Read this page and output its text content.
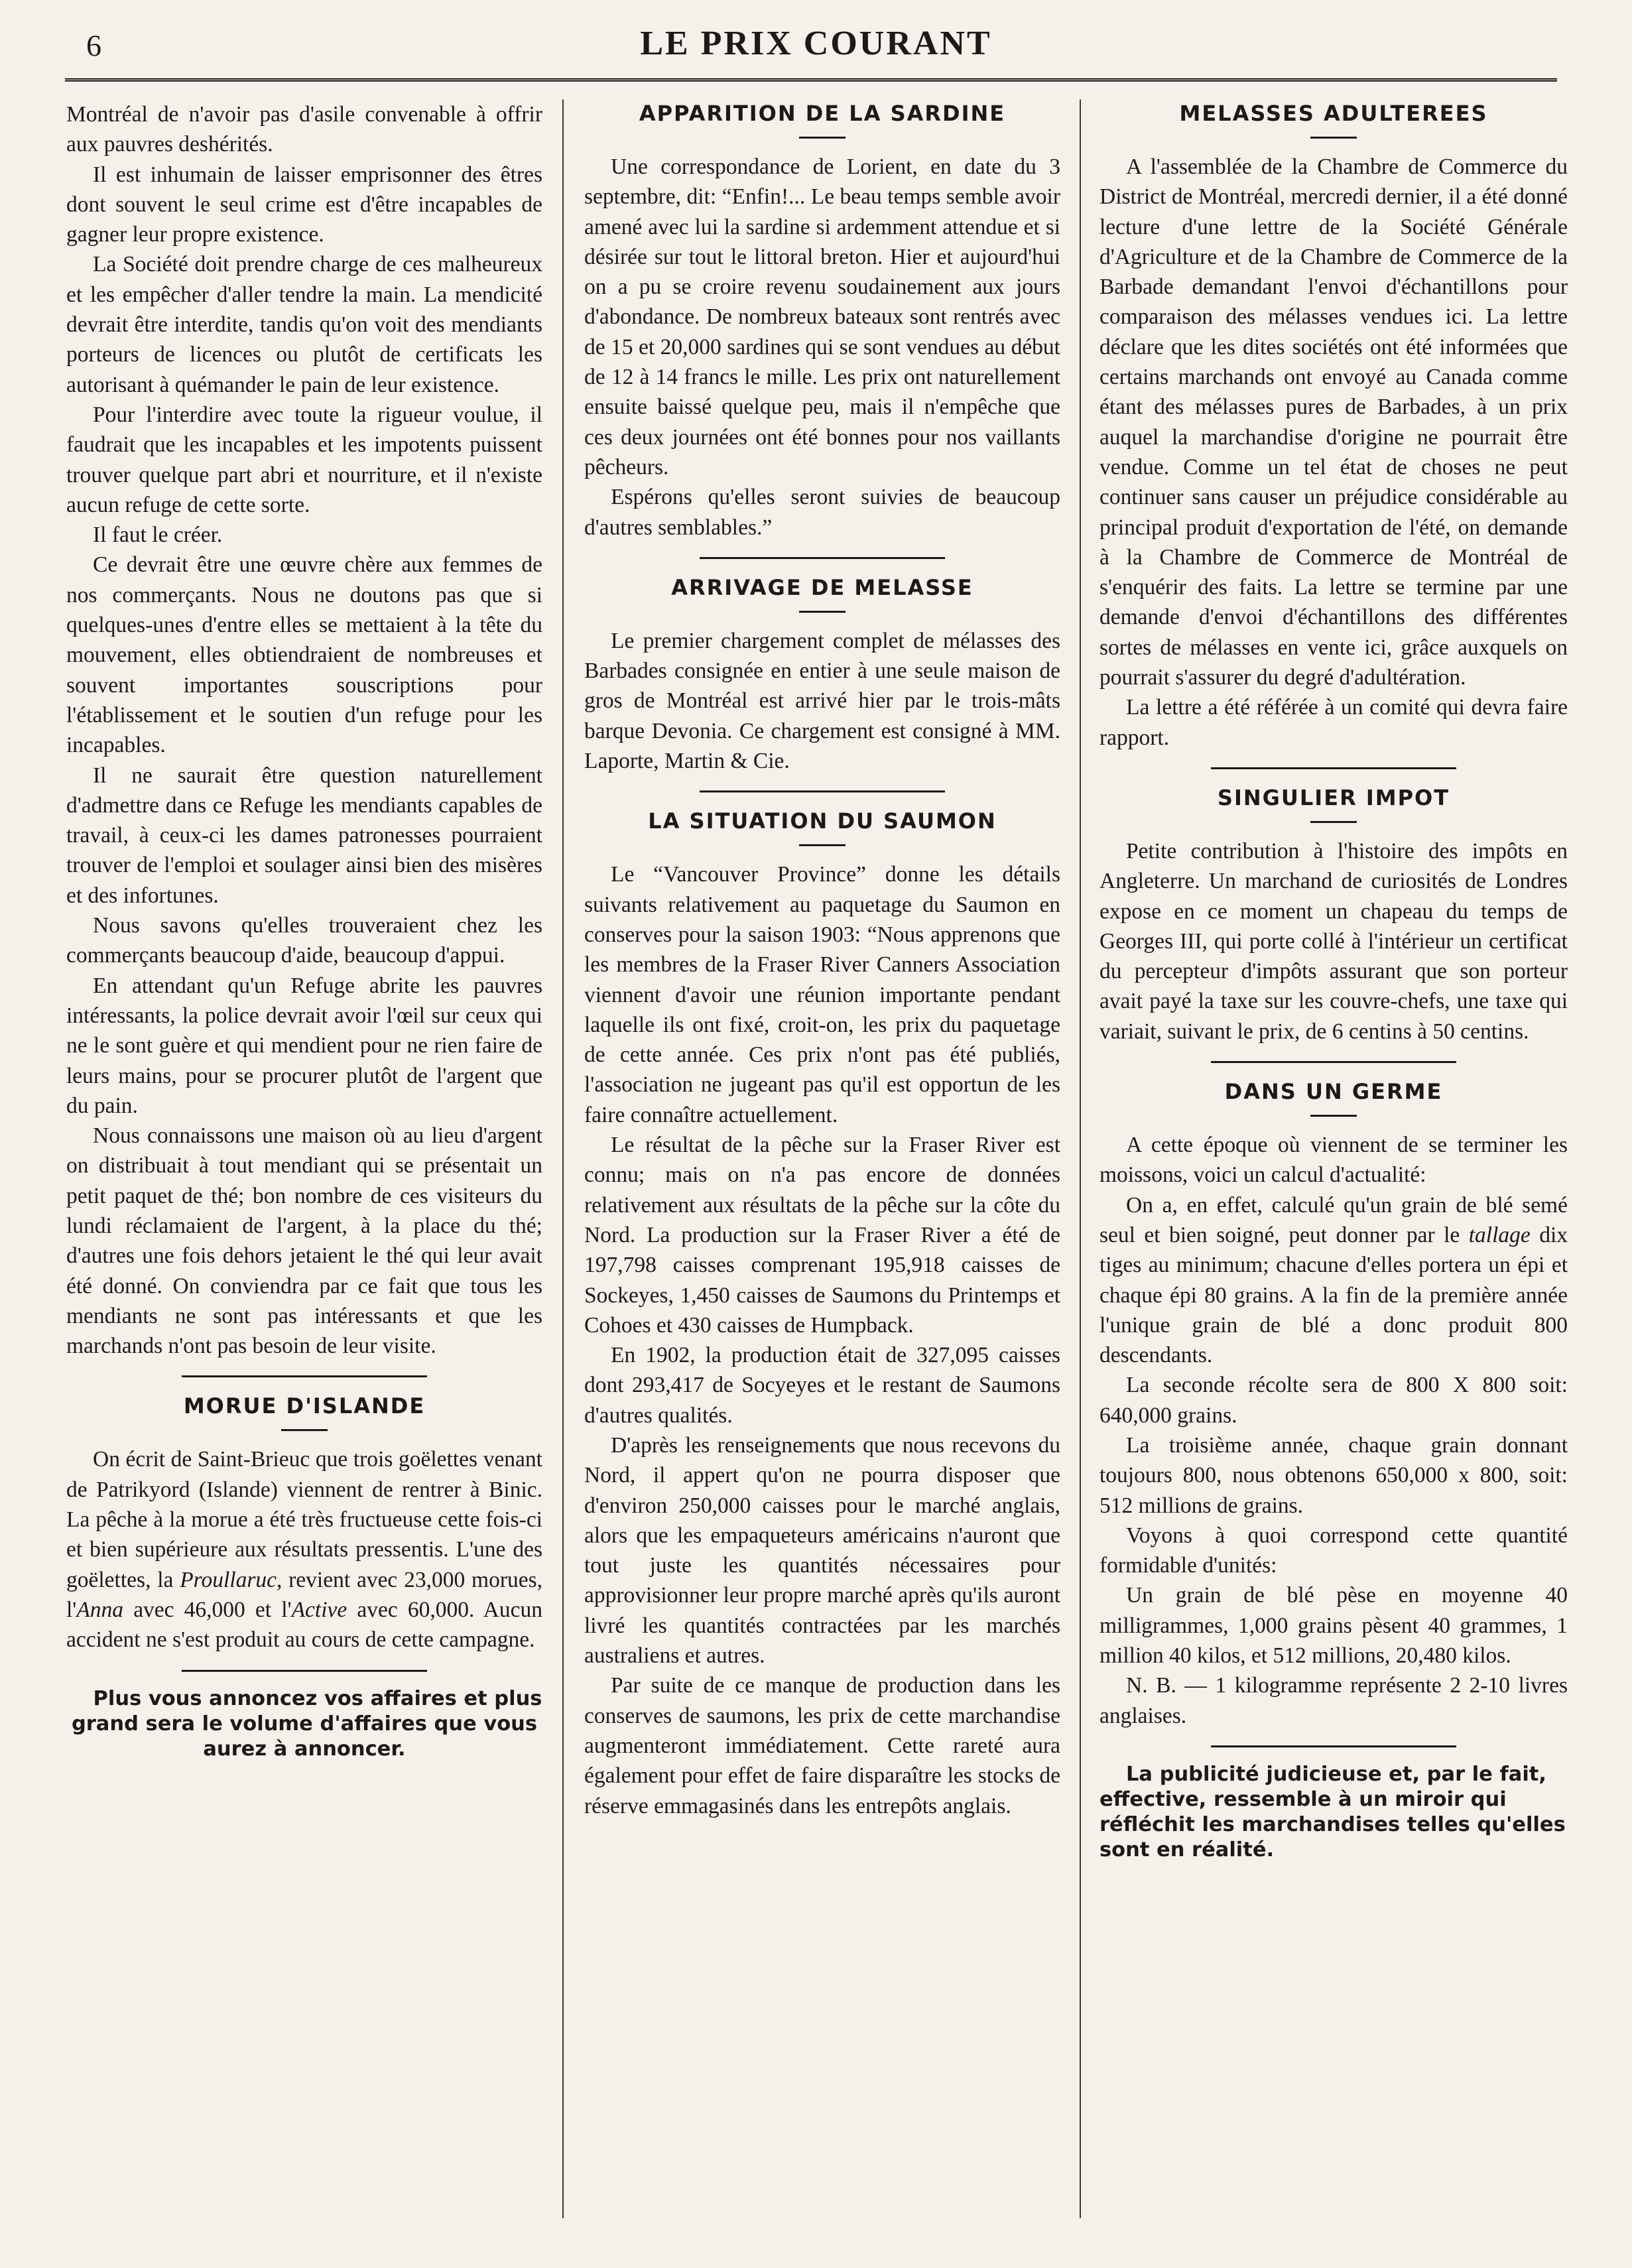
6	LE PRIX COURANT

Montréal de n'avoir pas d'asile convenable à offrir aux pauvres deshérités.

Il est inhumain de laisser emprisonner des êtres dont souvent le seul crime est d'être incapables de gagner leur propre existence.

La Société doit prendre charge de ces malheureux et les empêcher d'aller tendre la main. La mendicité devrait être interdite, tandis qu'on voit des mendiants porteurs de licences ou plutôt de certificats les autorisant à quémander le pain de leur existence.

Pour l'interdire avec toute la rigueur voulue, il faudrait que les incapables et les impotents puissent trouver quelque part abri et nourriture, et il n'existe aucun refuge de cette sorte.

Il faut le créer.

Ce devrait être une œuvre chère aux femmes de nos commerçants. Nous ne doutons pas que si quelques-unes d'entre elles se mettaient à la tête du mouvement, elles obtiendraient de nombreuses et souvent importantes souscriptions pour l'établissement et le soutien d'un refuge pour les incapables.

Il ne saurait être question naturellement d'admettre dans ce Refuge les mendiants capables de travail, à ceux-ci les dames patronesses pourraient trouver de l'emploi et soulager ainsi bien des misères et des infortunes.

Nous savons qu'elles trouveraient chez les commerçants beaucoup d'aide, beaucoup d'appui.

En attendant qu'un Refuge abrite les pauvres intéressants, la police devrait avoir l'œil sur ceux qui ne le sont guère et qui mendient pour ne rien faire de leurs mains, pour se procurer plutôt de l'argent que du pain.

Nous connaissons une maison où au lieu d'argent on distribuait à tout mendiant qui se présentait un petit paquet de thé; bon nombre de ces visiteurs du lundi réclamaient de l'argent, à la place du thé; d'autres une fois dehors jetaient le thé qui leur avait été donné. On conviendra par ce fait que tous les mendiants ne sont pas intéressants et que les marchands n'ont pas besoin de leur visite.

MORUE D'ISLANDE

On écrit de Saint-Brieuc que trois goëlettes venant de Patrikyord (Islande) viennent de rentrer à Binic. La pêche à la morue a été très fructueuse cette fois-ci et bien supérieure aux résultats pressentis. L'une des goëlettes, la Proullaruc, revient avec 23,000 morues, l'Anna avec 46,000 et l'Active avec 60,000. Aucun accident ne s'est produit au cours de cette campagne.

Plus vous annoncez vos affaires et plus grand sera le volume d'affaires que vous aurez à annoncer.

APPARITION DE LA SARDINE

Une correspondance de Lorient, en date du 3 septembre, dit: “Enfin!... Le beau temps semble avoir amené avec lui la sardine si ardemment attendue et si désirée sur tout le littoral breton. Hier et aujourd'hui on a pu se croire revenu soudainement aux jours d'abondance. De nombreux bateaux sont rentrés avec de 15 et 20,000 sardines qui se sont vendues au début de 12 à 14 francs le mille. Les prix ont naturellement ensuite baissé quelque peu, mais il n'empêche que ces deux journées ont été bonnes pour nos vaillants pêcheurs.

Espérons qu'elles seront suivies de beaucoup d'autres semblables.”

ARRIVAGE DE MELASSE

Le premier chargement complet de mélasses des Barbades consignée en entier à une seule maison de gros de Montréal est arrivé hier par le trois-mâts barque Devonia. Ce chargement est consigné à MM. Laporte, Martin & Cie.

LA SITUATION DU SAUMON

Le “Vancouver Province” donne les détails suivants relativement au paquetage du Saumon en conserves pour la saison 1903: “Nous apprenons que les membres de la Fraser River Canners Association viennent d'avoir une réunion importante pendant laquelle ils ont fixé, croit-on, les prix du paquetage de cette année. Ces prix n'ont pas été publiés, l'association ne jugeant pas qu'il est opportun de les faire connaître actuellement.

Le résultat de la pêche sur la Fraser River est connu; mais on n'a pas encore de données relativement aux résultats de la pêche sur la côte du Nord. La production sur la Fraser River a été de 197,798 caisses comprenant 195,918 caisses de Sockeyes, 1,450 caisses de Saumons du Printemps et Cohoes et 430 caisses de Humpback.

En 1902, la production était de 327,095 caisses dont 293,417 de Socyeyes et le restant de Saumons d'autres qualités.

D'après les renseignements que nous recevons du Nord, il appert qu'on ne pourra disposer que d'environ 250,000 caisses pour le marché anglais, alors que les empaqueteurs américains n'auront que tout juste les quantités nécessaires pour approvisionner leur propre marché après qu'ils auront livré les quantités contractées par les marchés australiens et autres.

Par suite de ce manque de production dans les conserves de saumons, les prix de cette marchandise augmenteront immédiatement. Cette rareté aura également pour effet de faire disparaître les stocks de réserve emmagasinés dans les entrepôts anglais.

MELASSES ADULTEREES

A l'assemblée de la Chambre de Commerce du District de Montréal, mercredi dernier, il a été donné lecture d'une lettre de la Société Générale d'Agriculture et de la Chambre de Commerce de la Barbade demandant l'envoi d'échantillons pour comparaison des mélasses vendues ici. La lettre déclare que les dites sociétés ont été informées que certains marchands ont envoyé au Canada comme étant des mélasses pures de Barbades, à un prix auquel la marchandise d'origine ne pourrait être vendue. Comme un tel état de choses ne peut continuer sans causer un préjudice considérable au principal produit d'exportation de l'été, on demande à la Chambre de Commerce de Montréal de s'enquérir des faits. La lettre se termine par une demande d'envoi d'échantillons des différentes sortes de mélasses en vente ici, grâce auxquels on pourrait s'assurer du degré d'adultération.

La lettre a été référée à un comité qui devra faire rapport.

SINGULIER IMPOT

Petite contribution à l'histoire des impôts en Angleterre. Un marchand de curiosités de Londres expose en ce moment un chapeau du temps de Georges III, qui porte collé à l'intérieur un certificat du percepteur d'impôts assurant que son porteur avait payé la taxe sur les couvre-chefs, une taxe qui variait, suivant le prix, de 6 centins à 50 centins.

DANS UN GERME

A cette époque où viennent de se terminer les moissons, voici un calcul d'actualité:

On a, en effet, calculé qu'un grain de blé semé seul et bien soigné, peut donner par le tallage dix tiges au minimum; chacune d'elles portera un épi et chaque épi 80 grains. A la fin de la première année l'unique grain de blé a donc produit 800 descendants.

La seconde récolte sera de 800 X 800 soit: 640,000 grains.

La troisième année, chaque grain donnant toujours 800, nous obtenons 650,000 x 800, soit: 512 millions de grains.

Voyons à quoi correspond cette quantité formidable d'unités:

Un grain de blé pèse en moyenne 40 milligrammes, 1,000 grains pèsent 40 grammes, 1 million 40 kilos, et 512 millions, 20,480 kilos.

N. B. — 1 kilogramme représente 2 2-10 livres anglaises.

La publicité judicieuse et, par le fait, effective, ressemble à un miroir qui réfléchit les marchandises telles qu'elles sont en réalité.
